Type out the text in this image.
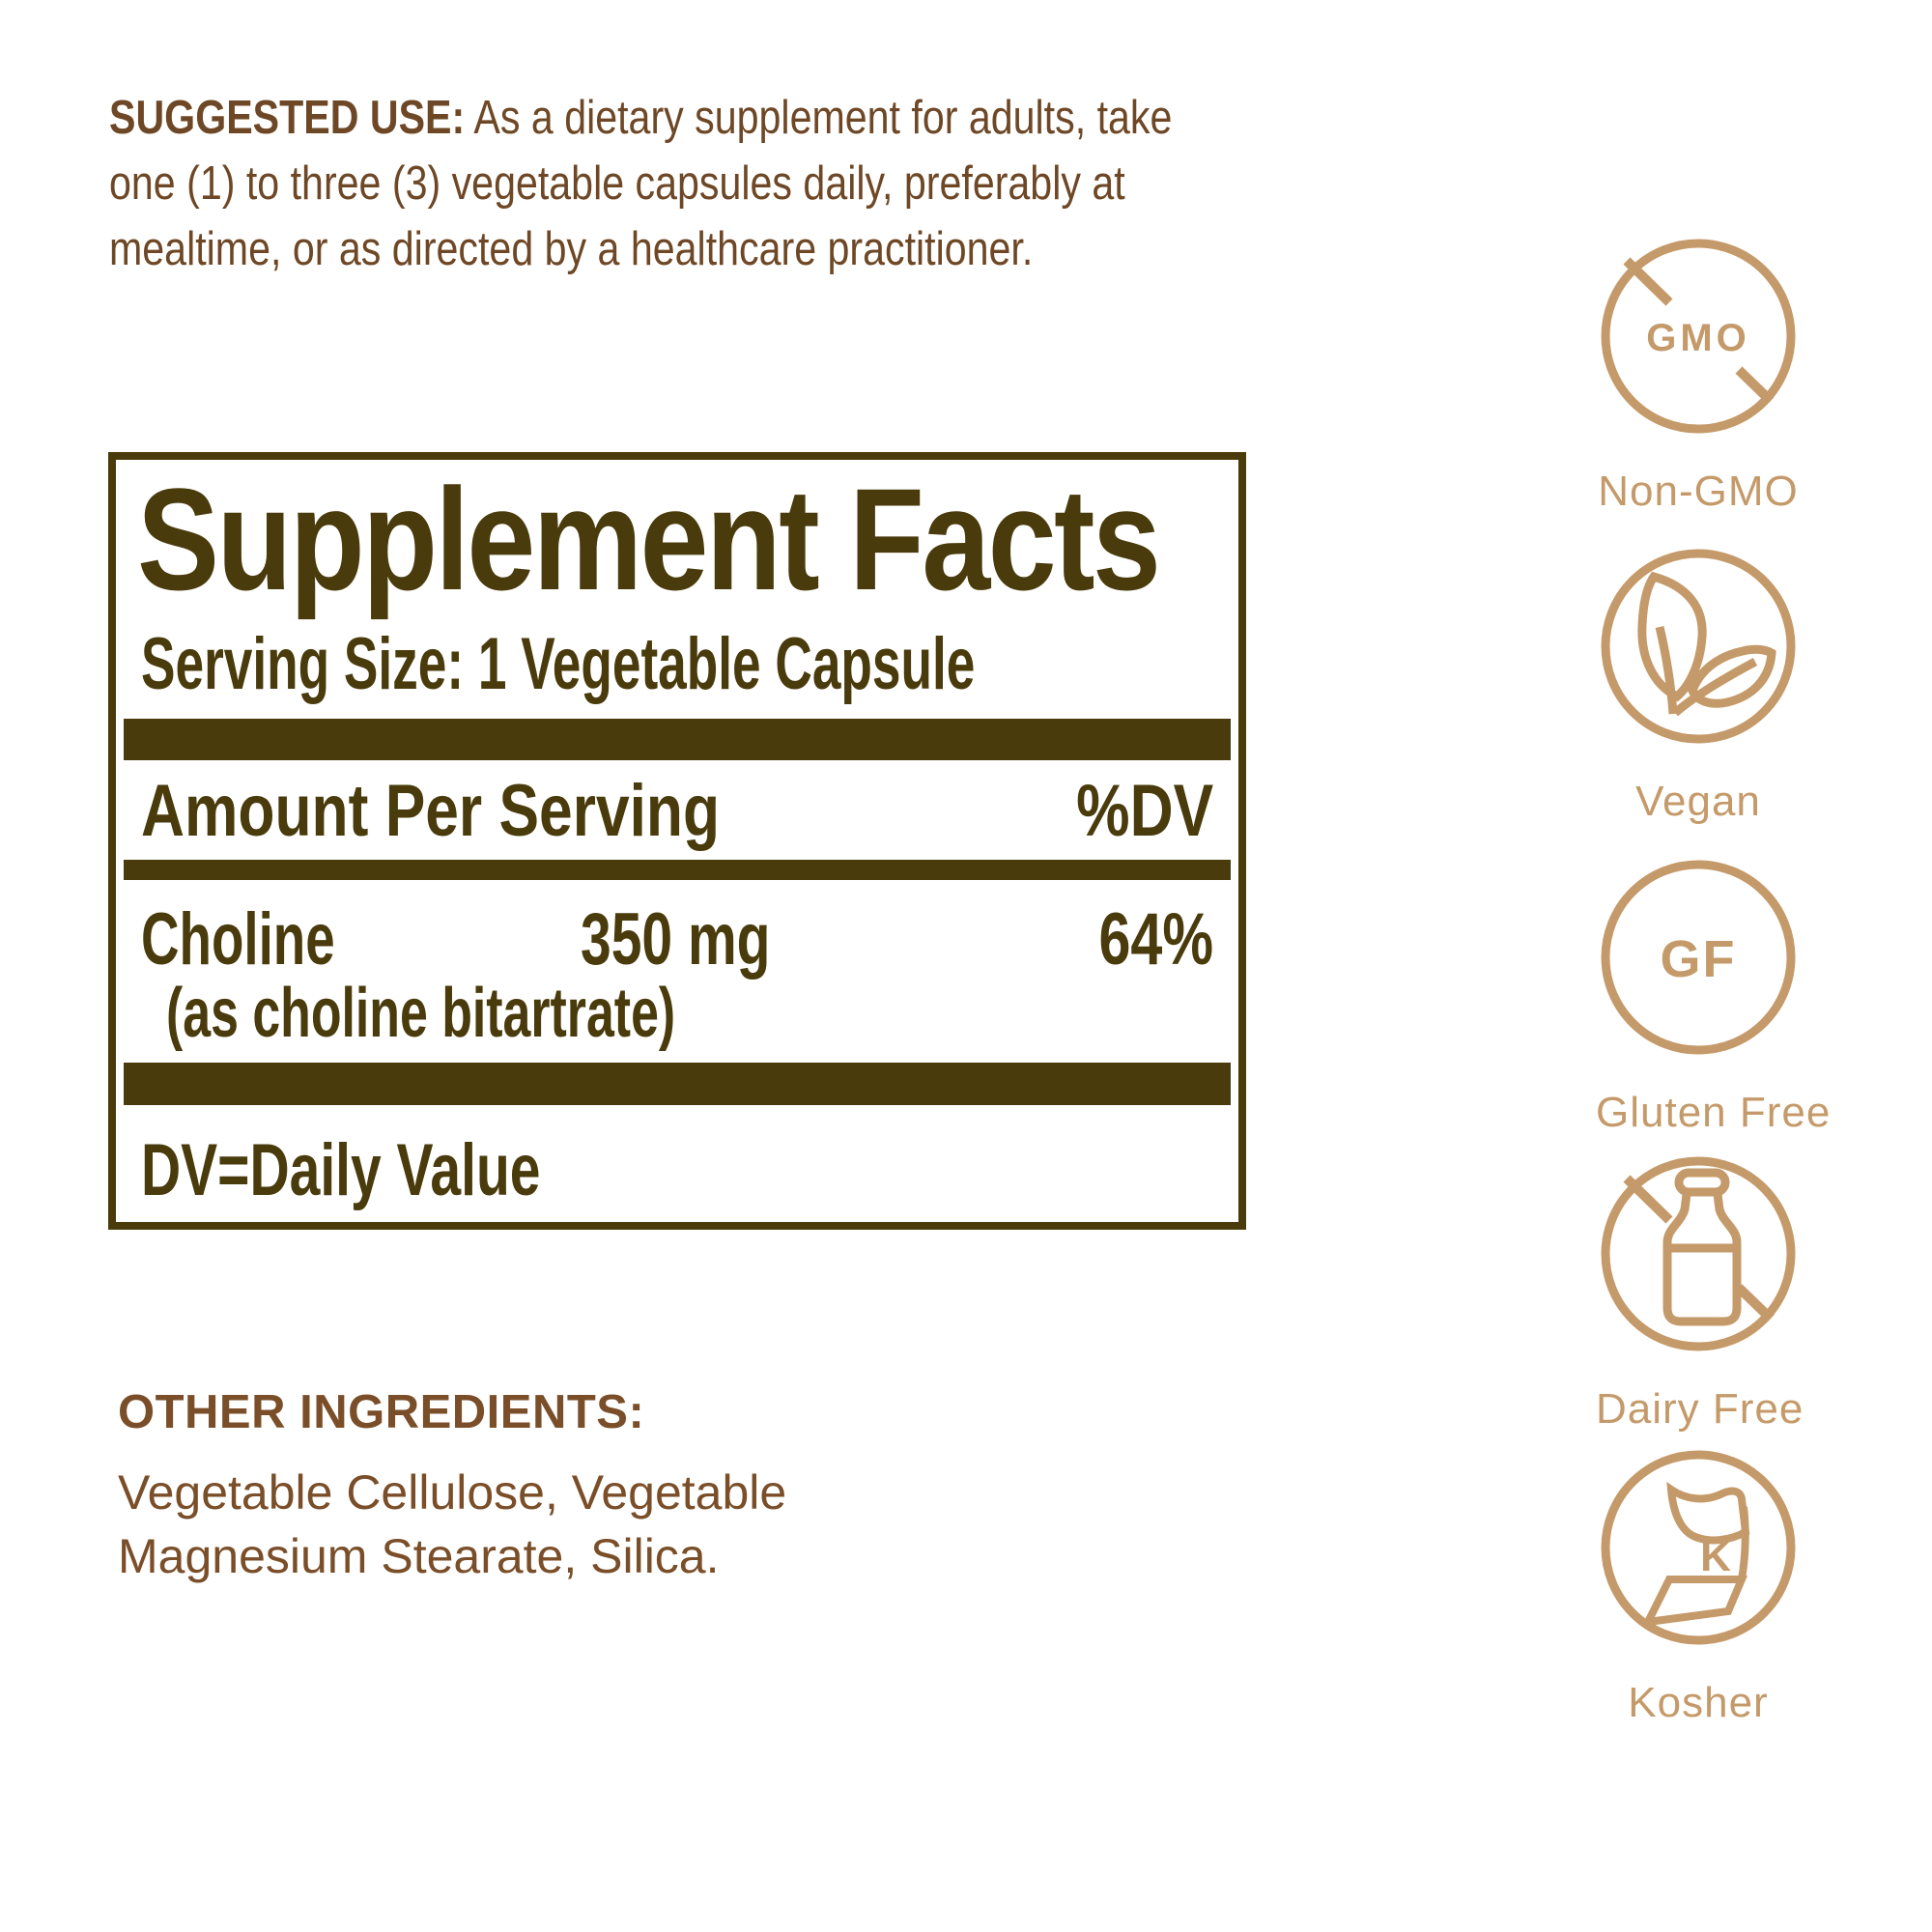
SUGGESTED USE: As a dietary supplement for adults, take
one (1) to three (3) vegetable capsules daily, preferably at
mealtime, or as directed by a healthcare practitioner.
Supplement Facts
Serving Size: 1 Vegetable Capsule
Amount Per Serving	%DV
Choline	350 mg	64%
(as choline bitartrate)
DV=Daily Value
OTHER INGREDIENTS:
Vegetable Cellulose, Vegetable
Magnesium Stearate, Silica.
GMO
Non-GMO
Vegan
GF
Gluten Free
Dairy Free
K
Kosher
